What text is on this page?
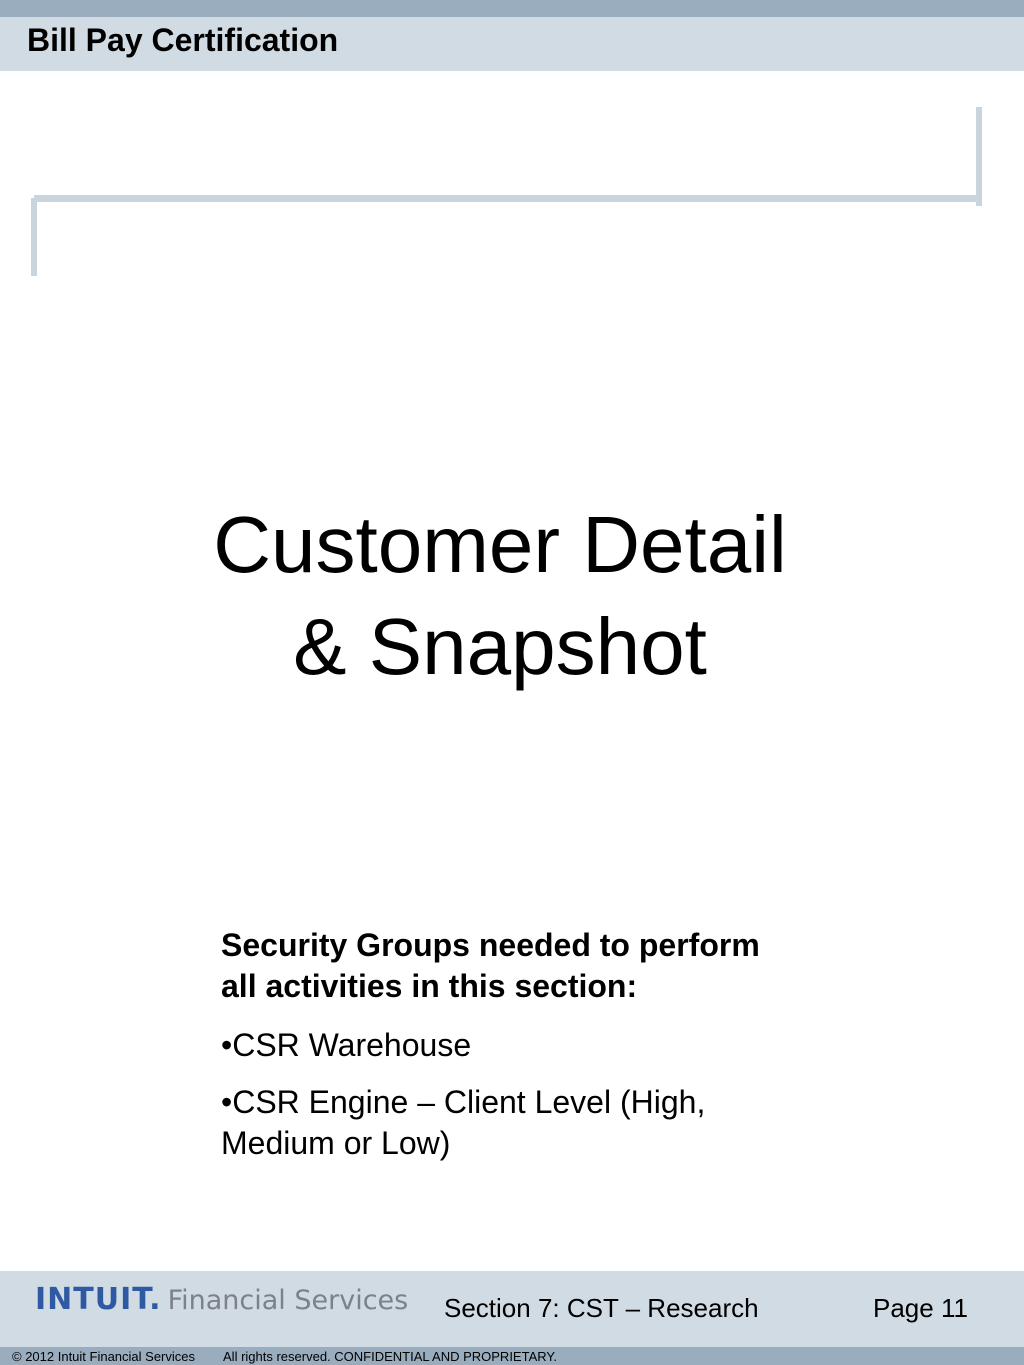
Bill Pay Certification
Customer Detail
& Snapshot

Security Groups needed to perform
all activities in this section:

•CSR Warehouse

•CSR Engine – Client Level (High,
Medium or Low)

INTUIT. Financial Services Section 7: CST – Research	Page 11
© 2012 Intuit Financial Services All rights reserved. CONFIDENTIAL AND PROPRIETARY.
